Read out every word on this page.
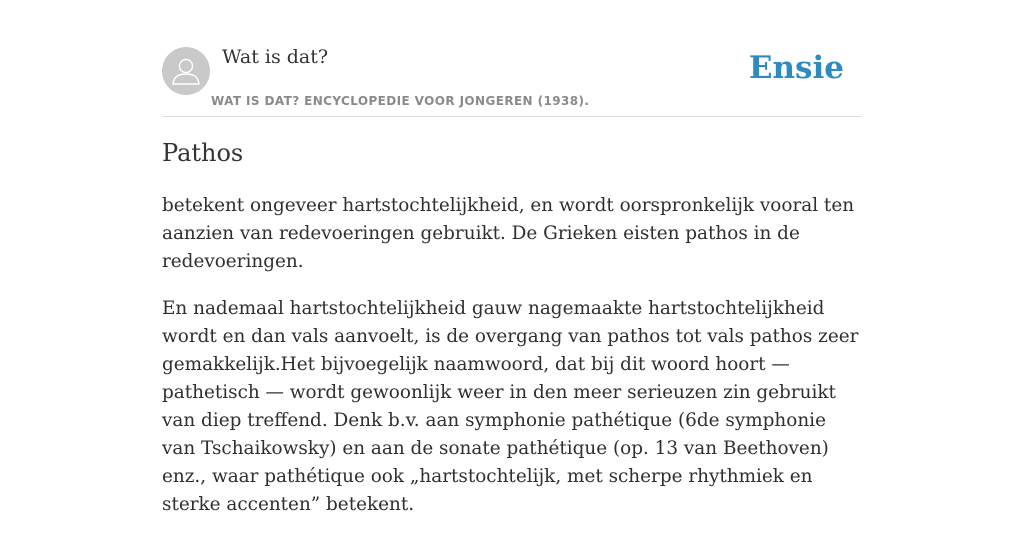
Wat is dat?
WAT IS DAT? ENCYCLOPEDIE VOOR JONGEREN (1938).
Ensie
Pathos

betekent ongeveer hartstochtelijkheid, en wordt oorspronkelijk vooral ten aanzien van redevoeringen gebruikt. De Grieken eisten pathos in de redevoeringen.

En nademaal hartstochtelijkheid gauw nagemaakte hartstochtelijkheid wordt en dan vals aanvoelt, is de overgang van pathos tot vals pathos zeer gemakkelijk.Het bijvoegelijk naamwoord, dat bij dit woord hoort — pathetisch — wordt gewoonlijk weer in den meer serieuzen zin gebruikt van diep treffend. Denk b.v. aan symphonie pathétique (6de symphonie van Tschaikowsky) en aan de sonate pathétique (op. 13 van Beethoven) enz., waar pathétique ook „hartstochtelijk, met scherpe rhythmiek en sterke accenten” betekent.
